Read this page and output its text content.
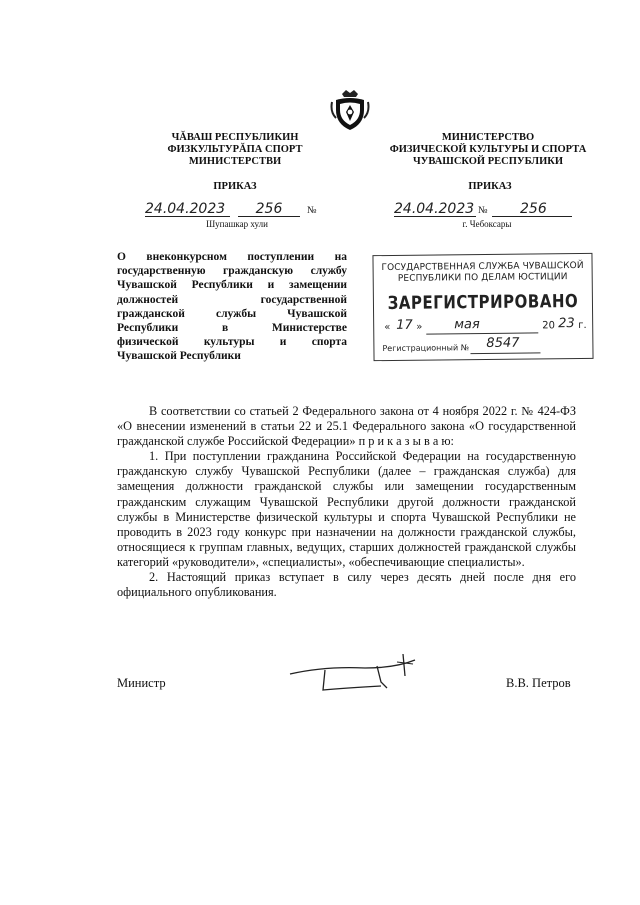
ЧĂВАШ РЕСПУБЛИКИН
ФИЗКУЛЬТУРĂПА СПОРТ
МИНИСТЕРСТВИ
МИНИСТЕРСТВО
ФИЗИЧЕСКОЙ КУЛЬТУРЫ И СПОРТА
ЧУВАШСКОЙ РЕСПУБЛИКИ
ПРИКАЗ	ПРИКАЗ
24.04.2023	256	№
Шупашкар хули
24.04.2023 №	256
г. Чебоксары
О внеконкурсном поступлении на
государственную гражданскую службу
Чувашской Республики и замещении
должностей государственной
гражданской службы Чувашской
Республики в Министерстве
физической культуры и спорта
Чувашской Республики
ГОСУДАРСТВЕННАЯ СЛУЖБА ЧУВАШСКОЙ
РЕСПУБЛИКИ ПО ДЕЛАМ ЮСТИЦИИ
ЗАРЕГИСТРИРОВАНО
« 17 » мая	20 23 г.
Регистрационный № 8547

В соответствии со статьей 2 Федерального закона от 4 ноября 2022 г. № 424-ФЗ «О внесении изменений в статьи 22 и 25.1 Федерального закона «О государственной гражданской службе Российской Федерации» п р и к а з ы в а ю:

1. При поступлении гражданина Российской Федерации на государственную гражданскую службу Чувашской Республики (далее – гражданская служба) для замещения должности гражданской службы или замещении государственным гражданским служащим Чувашской Республики другой должности гражданской службы в Министерстве физической культуры и спорта Чувашской Республики не проводить в 2023 году конкурс при назначении на должности гражданской службы, относящиеся к группам главных, ведущих, старших должностей гражданской службы категорий «руководители», «специалисты», «обеспечивающие специалисты».

2. Настоящий приказ вступает в силу через десять дней после дня его официального опубликования.

Министр	В.В. Петров
